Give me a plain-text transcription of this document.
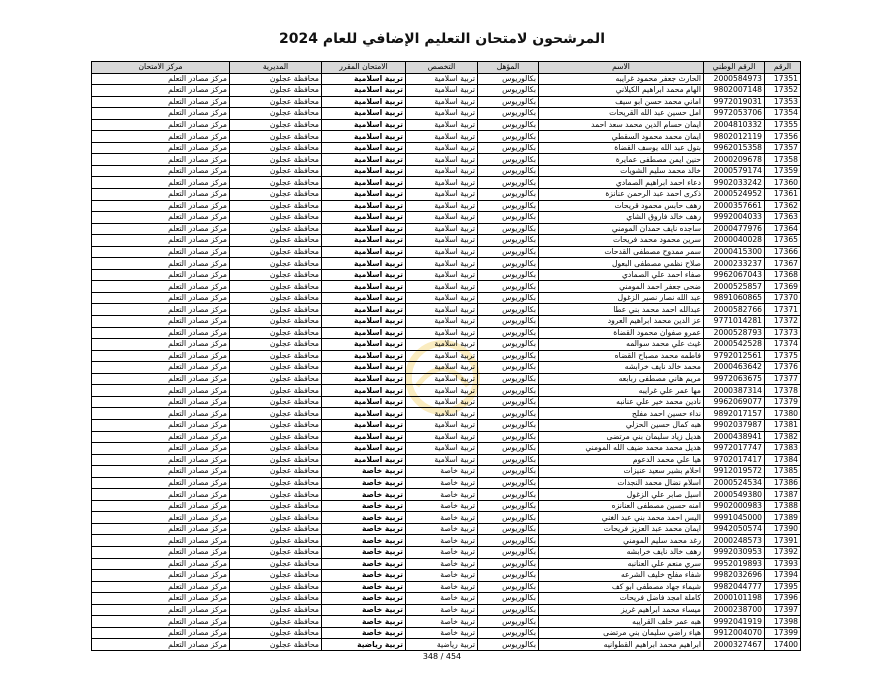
المرشحون لامتحان التعليم الإضافي للعام 2024
الرقم	الرقم الوطني	الاسم	المؤهل	التخصص	الامتحان المقرر	المديرية	مركز الامتحان
17351	2000584973	الحارث جعفر محمود غرايبه	بكالوريوس	تربية اسلامية	تربية اسلامية	محافظة عجلون	مركز مصادر التعلم
17352	9802007148	الهام محمد ابراهيم الكيلاني	بكالوريوس	تربية اسلامية	تربية اسلامية	محافظة عجلون	مركز مصادر التعلم
17353	9972019031	اماني محمد حسن ابو سيف	بكالوريوس	تربية اسلامية	تربية اسلامية	محافظة عجلون	مركز مصادر التعلم
17354	9972053706	امل حسين عبد الله القريحات	بكالوريوس	تربية اسلامية	تربية اسلامية	محافظة عجلون	مركز مصادر التعلم
17355	2004810332	ايمان حسام الدين محمد سعد احمد	بكالوريوس	تربية اسلامية	تربية اسلامية	محافظة عجلون	مركز مصادر التعلم
17356	9802012119	ايمان محمد محمود السقطي	بكالوريوس	تربية اسلامية	تربية اسلامية	محافظة عجلون	مركز مصادر التعلم
17357	9962015358	بتول عبد الله يوسف القضاة	بكالوريوس	تربية اسلامية	تربية اسلامية	محافظة عجلون	مركز مصادر التعلم
17358	2000209678	حنين ايمن مصطفى عمايرة	بكالوريوس	تربية اسلامية	تربية اسلامية	محافظة عجلون	مركز مصادر التعلم
17359	2000579174	خالد محمد سليم الشويات	بكالوريوس	تربية اسلامية	تربية اسلامية	محافظة عجلون	مركز مصادر التعلم
17360	9902033242	دعاء احمد ابراهيم الصمادي	بكالوريوس	تربية اسلامية	تربية اسلامية	محافظة عجلون	مركز مصادر التعلم
17361	2000524952	ذكرى احمد عبد الرحمن عنانزة	بكالوريوس	تربية اسلامية	تربية اسلامية	محافظة عجلون	مركز مصادر التعلم
17362	2000357661	رهف حابس محمود قريحات	بكالوريوس	تربية اسلامية	تربية اسلامية	محافظة عجلون	مركز مصادر التعلم
17363	9992004033	رهف خالد فاروق الشاي	بكالوريوس	تربية اسلامية	تربية اسلامية	محافظة عجلون	مركز مصادر التعلم
17364	2000477976	ساجده نايف حمدان المومني	بكالوريوس	تربية اسلامية	تربية اسلامية	محافظة عجلون	مركز مصادر التعلم
17365	2000040028	سرين محمود محمد فريحات	بكالوريوس	تربية اسلامية	تربية اسلامية	محافظة عجلون	مركز مصادر التعلم
17366	2000415300	سمر ممدوح مصطفى القدحات	بكالوريوس	تربية اسلامية	تربية اسلامية	محافظة عجلون	مركز مصادر التعلم
17367	2000233237	صلاح نظمي مصطفى البعول	بكالوريوس	تربية اسلامية	تربية اسلامية	محافظة عجلون	مركز مصادر التعلم
17368	9962067043	صفاء احمد علي الصمادي	بكالوريوس	تربية اسلامية	تربية اسلامية	محافظة عجلون	مركز مصادر التعلم
17369	2000525857	ضحى جعفر احمد المومني	بكالوريوس	تربية اسلامية	تربية اسلامية	محافظة عجلون	مركز مصادر التعلم
17370	9891060865	عبد الله نصار نصير الزغول	بكالوريوس	تربية اسلامية	تربية اسلامية	محافظة عجلون	مركز مصادر التعلم
17371	2000582766	عبدالله احمد محمد بني عطا	بكالوريوس	تربية اسلامية	تربية اسلامية	محافظة عجلون	مركز مصادر التعلم
17372	9771014281	عز الدين محمد ابراهيم العرود	بكالوريوس	تربية اسلامية	تربية اسلامية	محافظة عجلون	مركز مصادر التعلم
17373	2000528793	عمرو صفوان محمود القضاة	بكالوريوس	تربية اسلامية	تربية اسلامية	محافظة عجلون	مركز مصادر التعلم
17374	2000542528	غيث علي محمد سوالمه	بكالوريوس	تربية اسلامية	تربية اسلامية	محافظة عجلون	مركز مصادر التعلم
17375	9792012561	فاطمه محمد مصباح القضاه	بكالوريوس	تربية اسلامية	تربية اسلامية	محافظة عجلون	مركز مصادر التعلم
17376	2000463642	محمد خالد نايف خرابشه	بكالوريوس	تربية اسلامية	تربية اسلامية	محافظة عجلون	مركز مصادر التعلم
17377	9972063675	مريم هاني مصطفى ربابعه	بكالوريوس	تربية اسلامية	تربية اسلامية	محافظة عجلون	مركز مصادر التعلم
17378	2000387314	مها عمر علي غرايبه	بكالوريوس	تربية اسلامية	تربية اسلامية	محافظة عجلون	مركز مصادر التعلم
17379	9962069077	نادين محمد خير علي عنانبه	بكالوريوس	تربية اسلامية	تربية اسلامية	محافظة عجلون	مركز مصادر التعلم
17380	9892017157	نداء حسين احمد مفلح	بكالوريوس	تربية اسلامية	تربية اسلامية	محافظة عجلون	مركز مصادر التعلم
17381	9902037987	هبه كمال حسين الحزلي	بكالوريوس	تربية اسلامية	تربية اسلامية	محافظة عجلون	مركز مصادر التعلم
17382	2000438941	هديل زياد سليمان بني مرتضى	بكالوريوس	تربية اسلامية	تربية اسلامية	محافظة عجلون	مركز مصادر التعلم
17383	9972017747	هديل محمد محمد ضيف الله المومني	بكالوريوس	تربية اسلامية	تربية اسلامية	محافظة عجلون	مركز مصادر التعلم
17384	9702017417	هيا علي محمد الدعوم	بكالوريوس	تربية اسلامية	تربية اسلامية	محافظة عجلون	مركز مصادر التعلم
17385	9912019572	احلام بشير سعيد عنيزات	بكالوريوس	تربية خاصة	تربية خاصة	محافظة عجلون	مركز مصادر التعلم
17386	2000524534	اسلام نضال محمد النجدات	بكالوريوس	تربية خاصة	تربية خاصة	محافظة عجلون	مركز مصادر التعلم
17387	2000549380	اسيل صابر علي الزغول	بكالوريوس	تربية خاصة	تربية خاصة	محافظة عجلون	مركز مصادر التعلم
17388	9902000983	امنه حسين مصطفى العنانزه	بكالوريوس	تربية خاصة	تربية خاصة	محافظة عجلون	مركز مصادر التعلم
17389	9991045000	اليس احمد محمد بني عبد الغني	بكالوريوس	تربية خاصة	تربية خاصة	محافظة عجلون	مركز مصادر التعلم
17390	9942050574	ايمان محمد عبد العزيز فريحات	بكالوريوس	تربية خاصة	تربية خاصة	محافظة عجلون	مركز مصادر التعلم
17391	2000248573	رغد محمد سليم المومني	بكالوريوس	تربية خاصة	تربية خاصة	محافظة عجلون	مركز مصادر التعلم
17392	9992030953	رهف خالد نايف خرابشه	بكالوريوس	تربية خاصة	تربية خاصة	محافظة عجلون	مركز مصادر التعلم
17393	9952019893	سري منعم علي العنانبه	بكالوريوس	تربية خاصة	تربية خاصة	محافظة عجلون	مركز مصادر التعلم
17394	9982032696	شفاء مفلح خليف الشرعه	بكالوريوس	تربية خاصة	تربية خاصة	محافظة عجلون	مركز مصادر التعلم
17395	9982044777	شيماء جهاد مصطفى ابو كف	بكالوريوس	تربية خاصة	تربية خاصة	محافظة عجلون	مركز مصادر التعلم
17396	2000101198	كاملة امجد فاضل فريحات	بكالوريوس	تربية خاصة	تربية خاصة	محافظة عجلون	مركز مصادر التعلم
17397	2000238700	ميساء محمد ابراهيم غريز	بكالوريوس	تربية خاصة	تربية خاصة	محافظة عجلون	مركز مصادر التعلم
17398	9992041919	هبه عمر خلف القرايبه	بكالوريوس	تربية خاصة	تربية خاصة	محافظة عجلون	مركز مصادر التعلم
17399	9912004070	هياء راضي سليمان بني مرتضى	بكالوريوس	تربية خاصة	تربية خاصة	محافظة عجلون	مركز مصادر التعلم
17400	2000327467	ابراهيم محمد ابراهيم القطوانيه	بكالوريوس	تربية رياضية	تربية رياضية	محافظة عجلون	مركز مصادر التعلم
348 / 454
